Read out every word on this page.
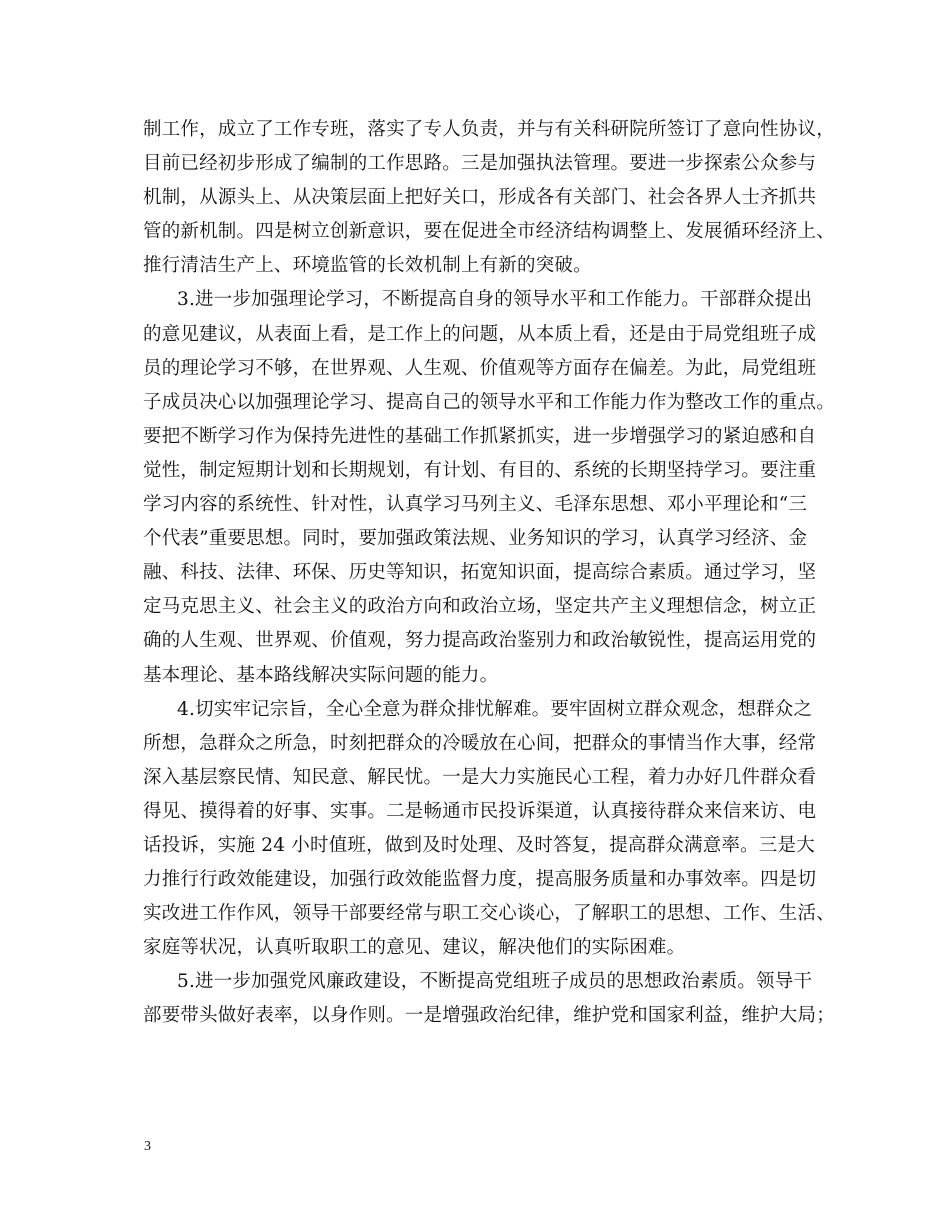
制工作，成立了工作专班，落实了专人负责，并与有关科研院所签订了意向性协议，
目前已经初步形成了编制的工作思路。三是加强执法管理。要进一步探索公众参与
机制，从源头上、从决策层面上把好关口，形成各有关部门、社会各界人士齐抓共
管的新机制。四是树立创新意识，要在促进全市经济结构调整上、发展循环经济上、
推行清洁生产上、环境监管的长效机制上有新的突破。
3.进一步加强理论学习，不断提高自身的领导水平和工作能力。干部群众提出
的意见建议，从表面上看，是工作上的问题，从本质上看，还是由于局党组班子成
员的理论学习不够，在世界观、人生观、价值观等方面存在偏差。为此，局党组班
子成员决心以加强理论学习、提高自己的领导水平和工作能力作为整改工作的重点。
要把不断学习作为保持先进性的基础工作抓紧抓实，进一步增强学习的紧迫感和自
觉性，制定短期计划和长期规划，有计划、有目的、系统的长期坚持学习。要注重
学习内容的系统性、针对性，认真学习马列主义、毛泽东思想、邓小平理论和“三
个代表”重要思想。同时，要加强政策法规、业务知识的学习，认真学习经济、金
融、科技、法律、环保、历史等知识，拓宽知识面，提高综合素质。通过学习，坚
定马克思主义、社会主义的政治方向和政治立场，坚定共产主义理想信念，树立正
确的人生观、世界观、价值观，努力提高政治鉴别力和政治敏锐性，提高运用党的
基本理论、基本路线解决实际问题的能力。
4.切实牢记宗旨，全心全意为群众排忧解难。要牢固树立群众观念，想群众之
所想，急群众之所急，时刻把群众的冷暖放在心间，把群众的事情当作大事，经常
深入基层察民情、知民意、解民忧。一是大力实施民心工程，着力办好几件群众看
得见、摸得着的好事、实事。二是畅通市民投诉渠道，认真接待群众来信来访、电
话投诉，实施 24 小时值班，做到及时处理、及时答复，提高群众满意率。三是大
力推行行政效能建设，加强行政效能监督力度，提高服务质量和办事效率。四是切
实改进工作作风，领导干部要经常与职工交心谈心，了解职工的思想、工作、生活、
家庭等状况，认真听取职工的意见、建议，解决他们的实际困难。
5.进一步加强党风廉政建设，不断提高党组班子成员的思想政治素质。领导干
部要带头做好表率，以身作则。一是增强政治纪律，维护党和国家利益，维护大局；
3
